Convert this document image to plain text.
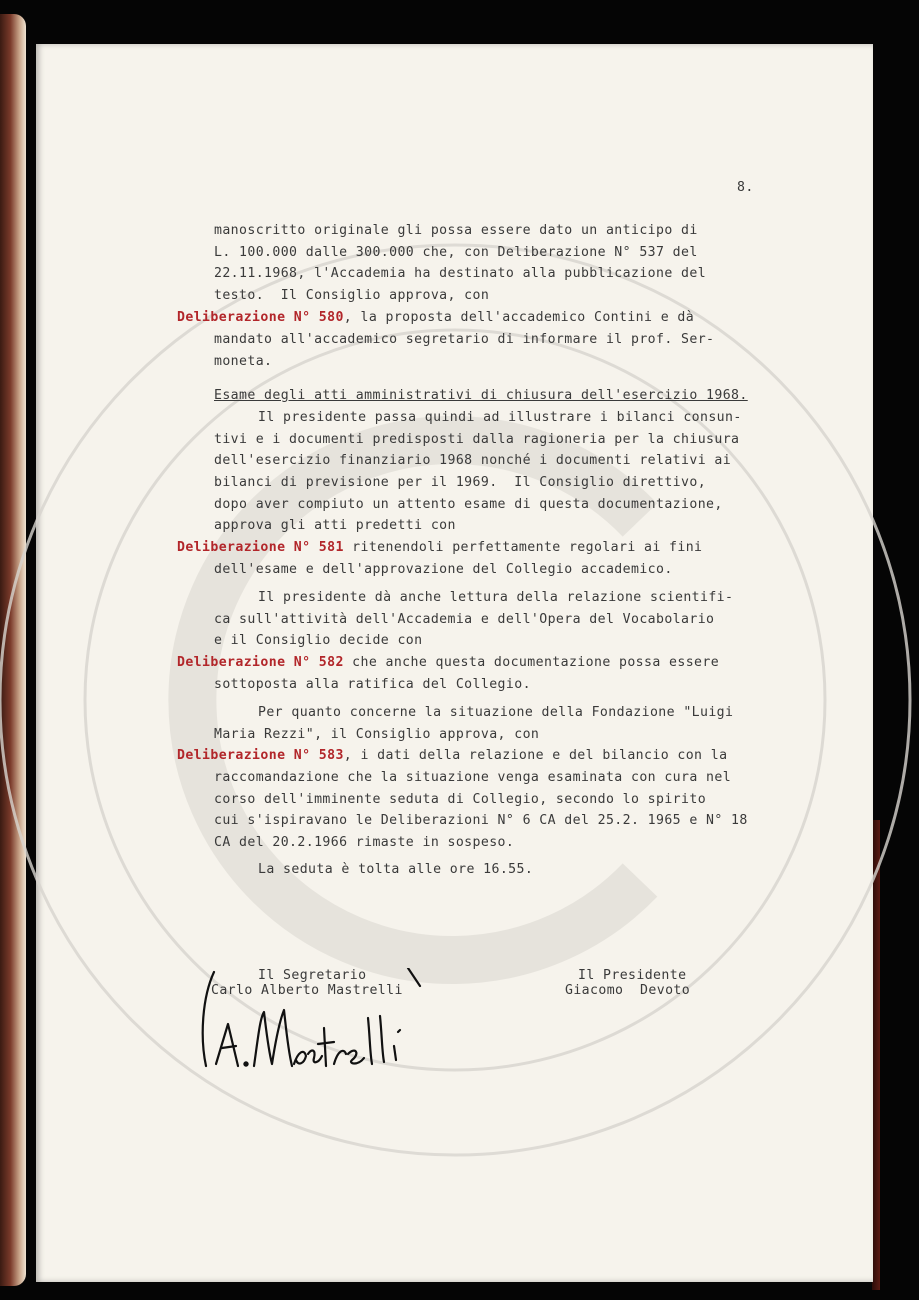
8.
manoscritto originale gli possa essere dato un anticipo di
L. 100.000 dalle 300.000 che, con Deliberazione N° 537 del
22.11.1968, l'Accademia ha destinato alla pubblicazione del
testo.  Il Consiglio approva, con
Deliberazione N° 580, la proposta dell'accademico Contini e dà
mandato all'accademico segretario di informare il prof. Ser-
moneta.
Esame degli atti amministrativi di chiusura dell'esercizio 1968.
Il presidente passa quindi ad illustrare i bilanci consun-
tivi e i documenti predisposti dalla ragioneria per la chiusura
dell'esercizio finanziario 1968 nonché i documenti relativi ai
bilanci di previsione per il 1969.  Il Consiglio direttivo,
dopo aver compiuto un attento esame di questa documentazione,
approva gli atti predetti con
Deliberazione N° 581 ritenendoli perfettamente regolari ai fini
dell'esame e dell'approvazione del Collegio accademico.
Il presidente dà anche lettura della relazione scientifi-
ca sull'attività dell'Accademia e dell'Opera del Vocabolario
e il Consiglio decide con
Deliberazione N° 582 che anche questa documentazione possa essere
sottoposta alla ratifica del Collegio.
Per quanto concerne la situazione della Fondazione "Luigi
Maria Rezzi", il Consiglio approva, con
Deliberazione N° 583, i dati della relazione e del bilancio con la
raccomandazione che la situazione venga esaminata con cura nel
corso dell'imminente seduta di Collegio, secondo lo spirito
cui s'ispiravano le Deliberazioni N° 6 CA del 25.2. 1965 e N° 18
CA del 20.2.1966 rimaste in sospeso.
La seduta è tolta alle ore 16.55.
Il Segretario
Carlo Alberto Mastrelli
Il Presidente
Giacomo  Devoto
